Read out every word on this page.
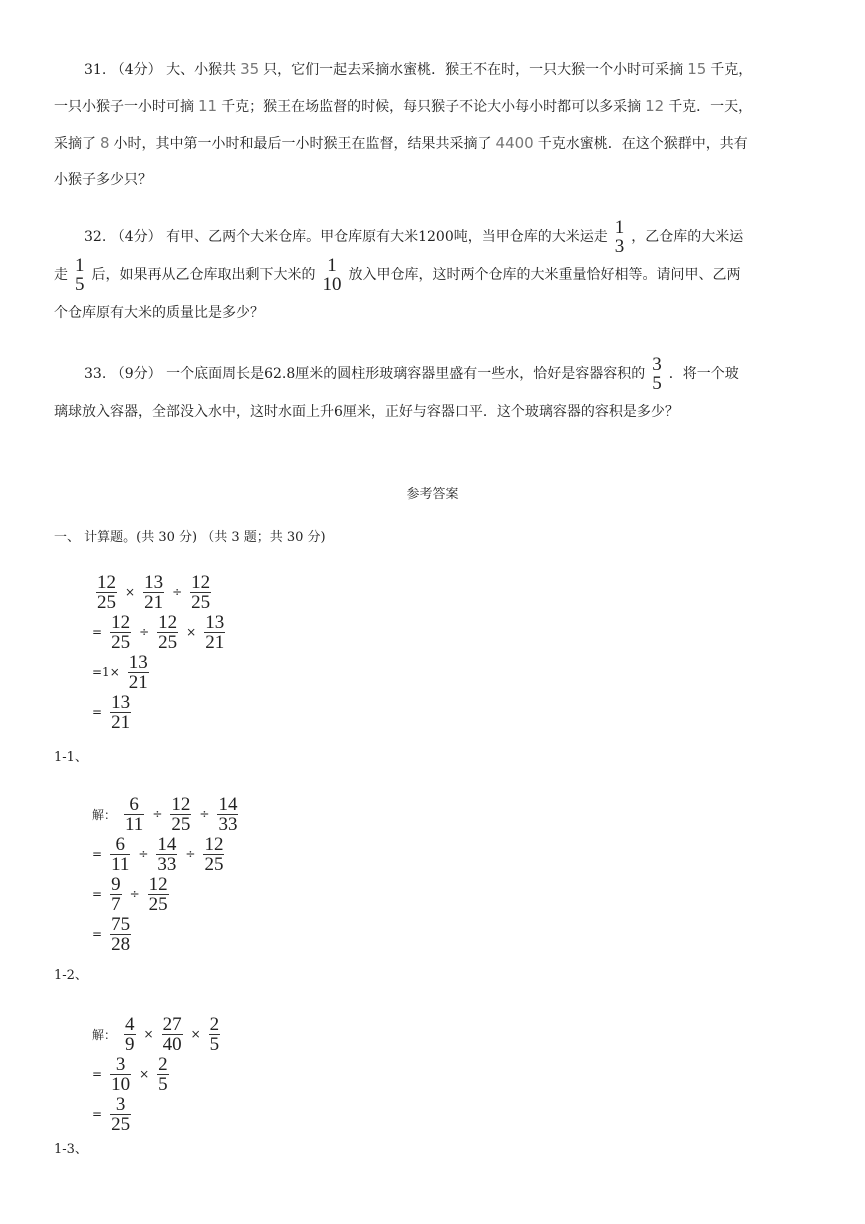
31. （4分） 大、小猴共 35 只，它们一起去采摘水蜜桃．猴王不在时，一只大猴一个小时可采摘 15 千克，
一只小猴子一小时可摘 11 千克；猴王在场监督的时候，每只猴子不论大小每小时都可以多采摘 12 千克．一天，
采摘了 8 小时，其中第一小时和最后一小时猴王在监督，结果共采摘了 4400 千克水蜜桃．在这个猴群中，共有
小猴子多少只？
32. （4分） 有甲、乙两个大米仓库。甲仓库原有大米1200吨，当甲仓库的大米运走 1
3 ，乙仓库的大米运
走 1
5 后，如果再从乙仓库取出剩下大米的 1
10 放入甲仓库，这时两个仓库的大米重量恰好相等。请问甲、乙两
个仓库原有大米的质量比是多少？
33. （9分） 一个底面周长是62.8厘米的圆柱形玻璃容器里盛有一些水，恰好是容器容积的 3
5 ．将一个玻
璃球放入容器，全部没入水中，这时水面上升6厘米，正好与容器口平．这个玻璃容器的容积是多少？
参考答案
一、 计算题。(共 30 分) （共 3 题；共 30 分)
$\frac{12}{25} \times \frac{13}{21} \div \frac{12}{25}$
= $\frac{12}{25} \div \frac{12}{25} \times \frac{13}{21}$
$=1\times \frac{13}{21}$
= $\frac{13}{21}$
1-1、
解： $\frac{6}{11} \div \frac{12}{25} \div \frac{14}{33}$
= $\frac{6}{11} \div \frac{14}{33} \div \frac{12}{25}$
= $\frac{9}{7} \div \frac{12}{25}$
= $\frac{75}{28}$
1-2、
解： $\frac{4}{9} \times \frac{27}{40} \times \frac{2}{5}$
= $\frac{3}{10} \times \frac{2}{5}$
= $\frac{3}{25}$
1-3、
